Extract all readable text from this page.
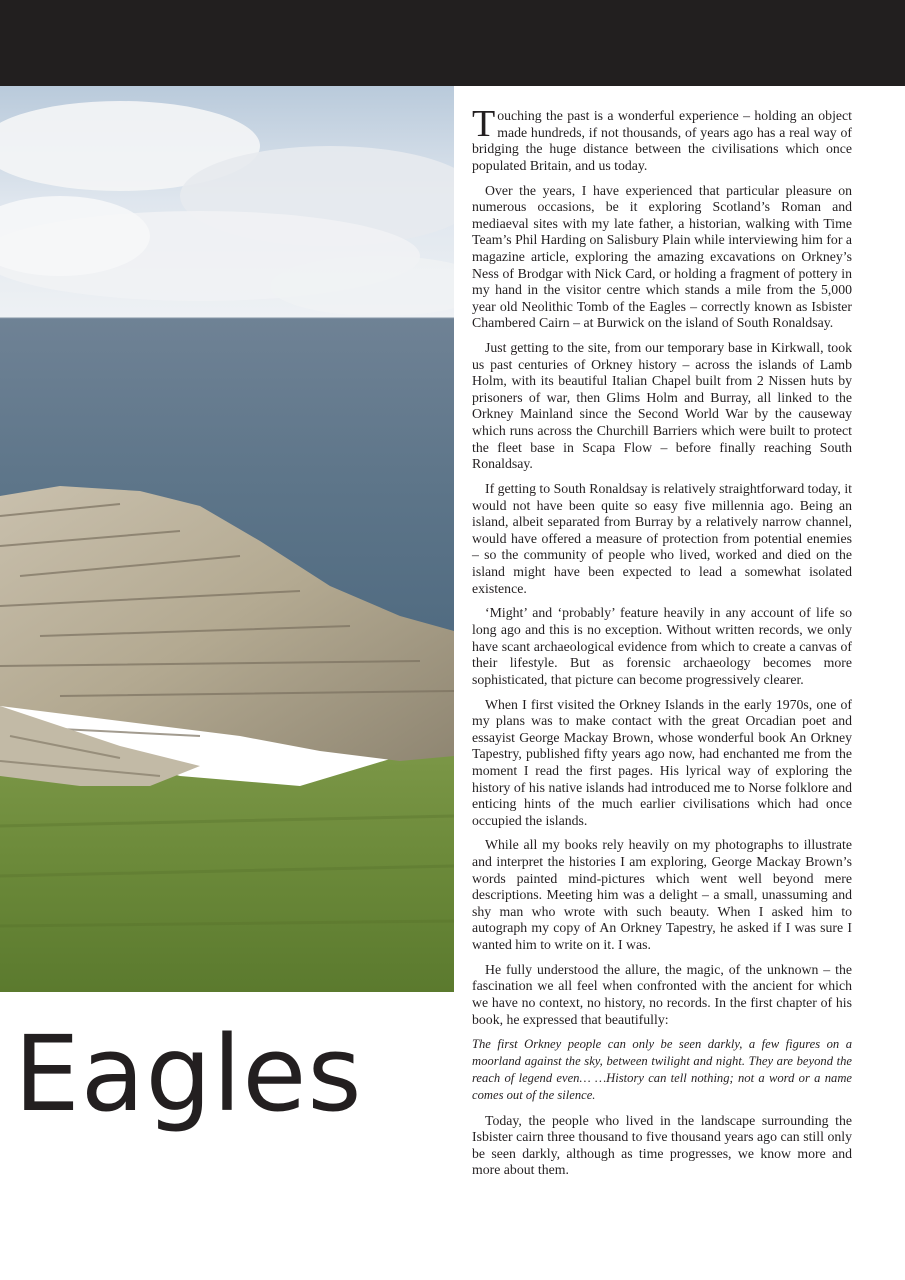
Eagles

Touching the past is a wonderful experience – holding an object made hundreds, if not thousands, of years ago has a real way of bridging the huge distance between the civilisations which once populated Britain, and us today.

Over the years, I have experienced that particular pleasure on numerous occasions, be it exploring Scotland’s Roman and mediaeval sites with my late father, a historian, walking with Time Team’s Phil Harding on Salisbury Plain while interviewing him for a magazine article, exploring the amazing excavations on Orkney’s Ness of Brodgar with Nick Card, or holding a fragment of pottery in my hand in the visitor centre which stands a mile from the 5,000 year old Neolithic Tomb of the Eagles – correctly known as Isbister Chambered Cairn – at Burwick on the island of South Ronaldsay.

Just getting to the site, from our temporary base in Kirkwall, took us past centuries of Orkney history – across the islands of Lamb Holm, with its beautiful Italian Chapel built from 2 Nissen huts by prisoners of war, then Glims Holm and Burray, all linked to the Orkney Mainland since the Second World War by the causeway which runs across the Churchill Barriers which were built to protect the fleet base in Scapa Flow – before finally reaching South Ronaldsay.

If getting to South Ronaldsay is relatively straightforward today, it would not have been quite so easy five millennia ago. Being an island, albeit separated from Burray by a relatively narrow channel, would have offered a measure of protection from potential enemies – so the community of people who lived, worked and died on the island might have been expected to lead a somewhat isolated existence.

‘Might’ and ‘probably’ feature heavily in any account of life so long ago and this is no exception. Without written records, we only have scant archaeological evidence from which to create a canvas of their lifestyle. But as forensic archaeology becomes more sophisticated, that picture can become progressively clearer.

When I first visited the Orkney Islands in the early 1970s, one of my plans was to make contact with the great Orcadian poet and essayist George Mackay Brown, whose wonderful book An Orkney Tapestry, published fifty years ago now, had enchanted me from the moment I read the first pages. His lyrical way of exploring the history of his native islands had introduced me to Norse folklore and enticing hints of the much earlier civilisations which had once occupied the islands.

While all my books rely heavily on my photographs to illustrate and interpret the histories I am exploring, George Mackay Brown’s words painted mind-pictures which went well beyond mere descriptions. Meeting him was a delight – a small, unassuming and shy man who wrote with such beauty. When I asked him to autograph my copy of An Orkney Tapestry, he asked if I was sure I wanted him to write on it. I was.

He fully understood the allure, the magic, of the unknown – the fascination we all feel when confronted with the ancient for which we have no context, no history, no records. In the first chapter of his book, he expressed that beautifully:

The first Orkney people can only be seen darkly, a few figures on a moorland against the sky, between twilight and night. They are beyond the reach of legend even… …History can tell nothing; not a word or a name comes out of the silence.

Today, the people who lived in the landscape surrounding the Isbister cairn three thousand to five thousand years ago can still only be seen darkly, although as time progresses, we know more and more about them.
